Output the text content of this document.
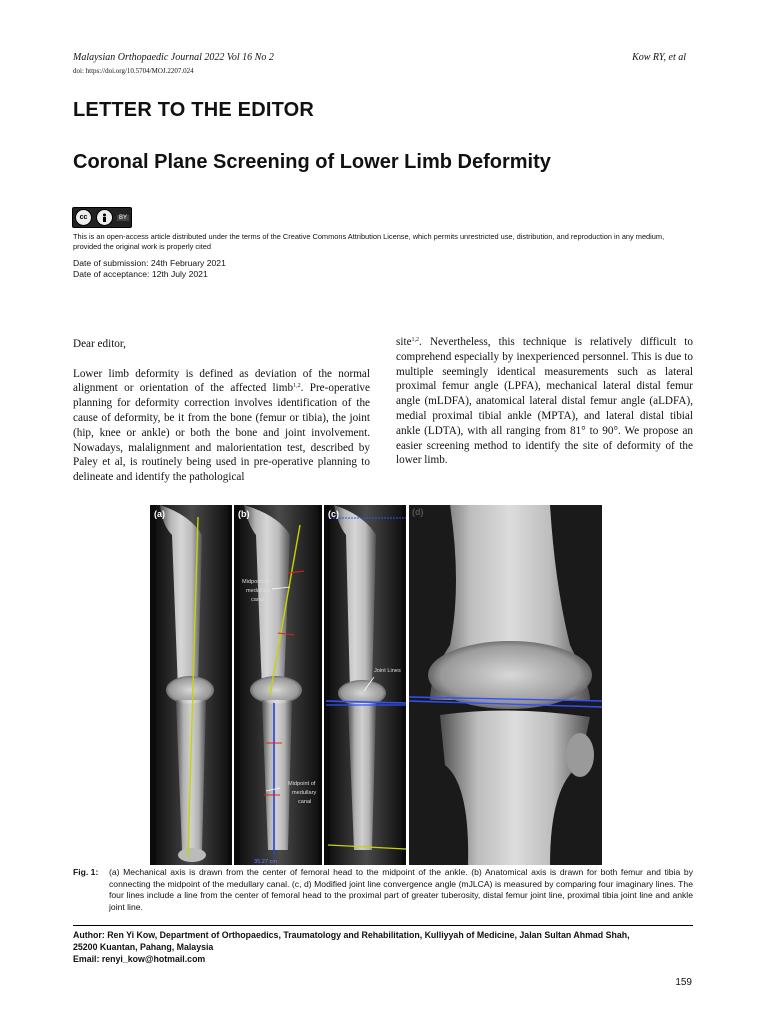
Malaysian Orthopaedic Journal 2022 Vol 16 No 2
doi: https://doi.org/10.5704/MOJ.2207.024
Kow RY, et al
LETTER TO THE EDITOR
Coronal Plane Screening of Lower Limb Deformity
cc	BY
This is an open-access article distributed under the terms of the Creative Commons Attribution License, which permits unrestricted use, distribution, and reproduction in any medium, provided the original work is properly cited
Date of submission: 24th February 2021
Date of acceptance: 12th July 2021

Dear editor,

Lower limb deformity is defined as deviation of the normal alignment or orientation of the affected limb$^{1,2}$. Pre-operative planning for deformity correction involves identification of the cause of deformity, be it from the bone (femur or tibia), the joint (hip, knee or ankle) or both the bone and joint involvement. Nowadays, malalignment and malorientation test, described by Paley et al, is routinely being used in pre-operative planning to delineate and identify the pathological

site$^{1,2}$. Nevertheless, this technique is relatively difficult to comprehend especially by inexperienced personnel. This is due to multiple seemingly identical measurements such as lateral proximal femur angle (LPFA), mechanical lateral distal femur angle (mLDFA), anatomical lateral distal femur angle (aLDFA), medial proximal tibial ankle (MPTA), and lateral distal tibial ankle (LDTA), with all ranging from 81° to 90°. We propose an easier screening method to identify the site of deformity of the lower limb.

(a)	(b)
Midpoint of
medullary
canal
Midpoint of
medullary
canal
35.27 cm
(c)
Joint Lines
(d)
Fig. 1: (a) Mechanical axis is drawn from the center of femoral head to the midpoint of the ankle. (b) Anatomical axis is drawn for both femur and tibia by connecting the midpoint of the medullary canal. (c, d) Modified joint line convergence angle (mJLCA) is measured by comparing four imaginary lines. The four lines include a line from the center of femoral head to the proximal part of greater tuberosity, distal femur joint line, proximal tibia joint line and ankle joint line.
Author: Ren Yi Kow, Department of Orthopaedics, Traumatology and Rehabilitation, Kulliyyah of Medicine, Jalan Sultan Ahmad Shah,
25200 Kuantan, Pahang, Malaysia
Email: renyi_kow@hotmail.com
159
